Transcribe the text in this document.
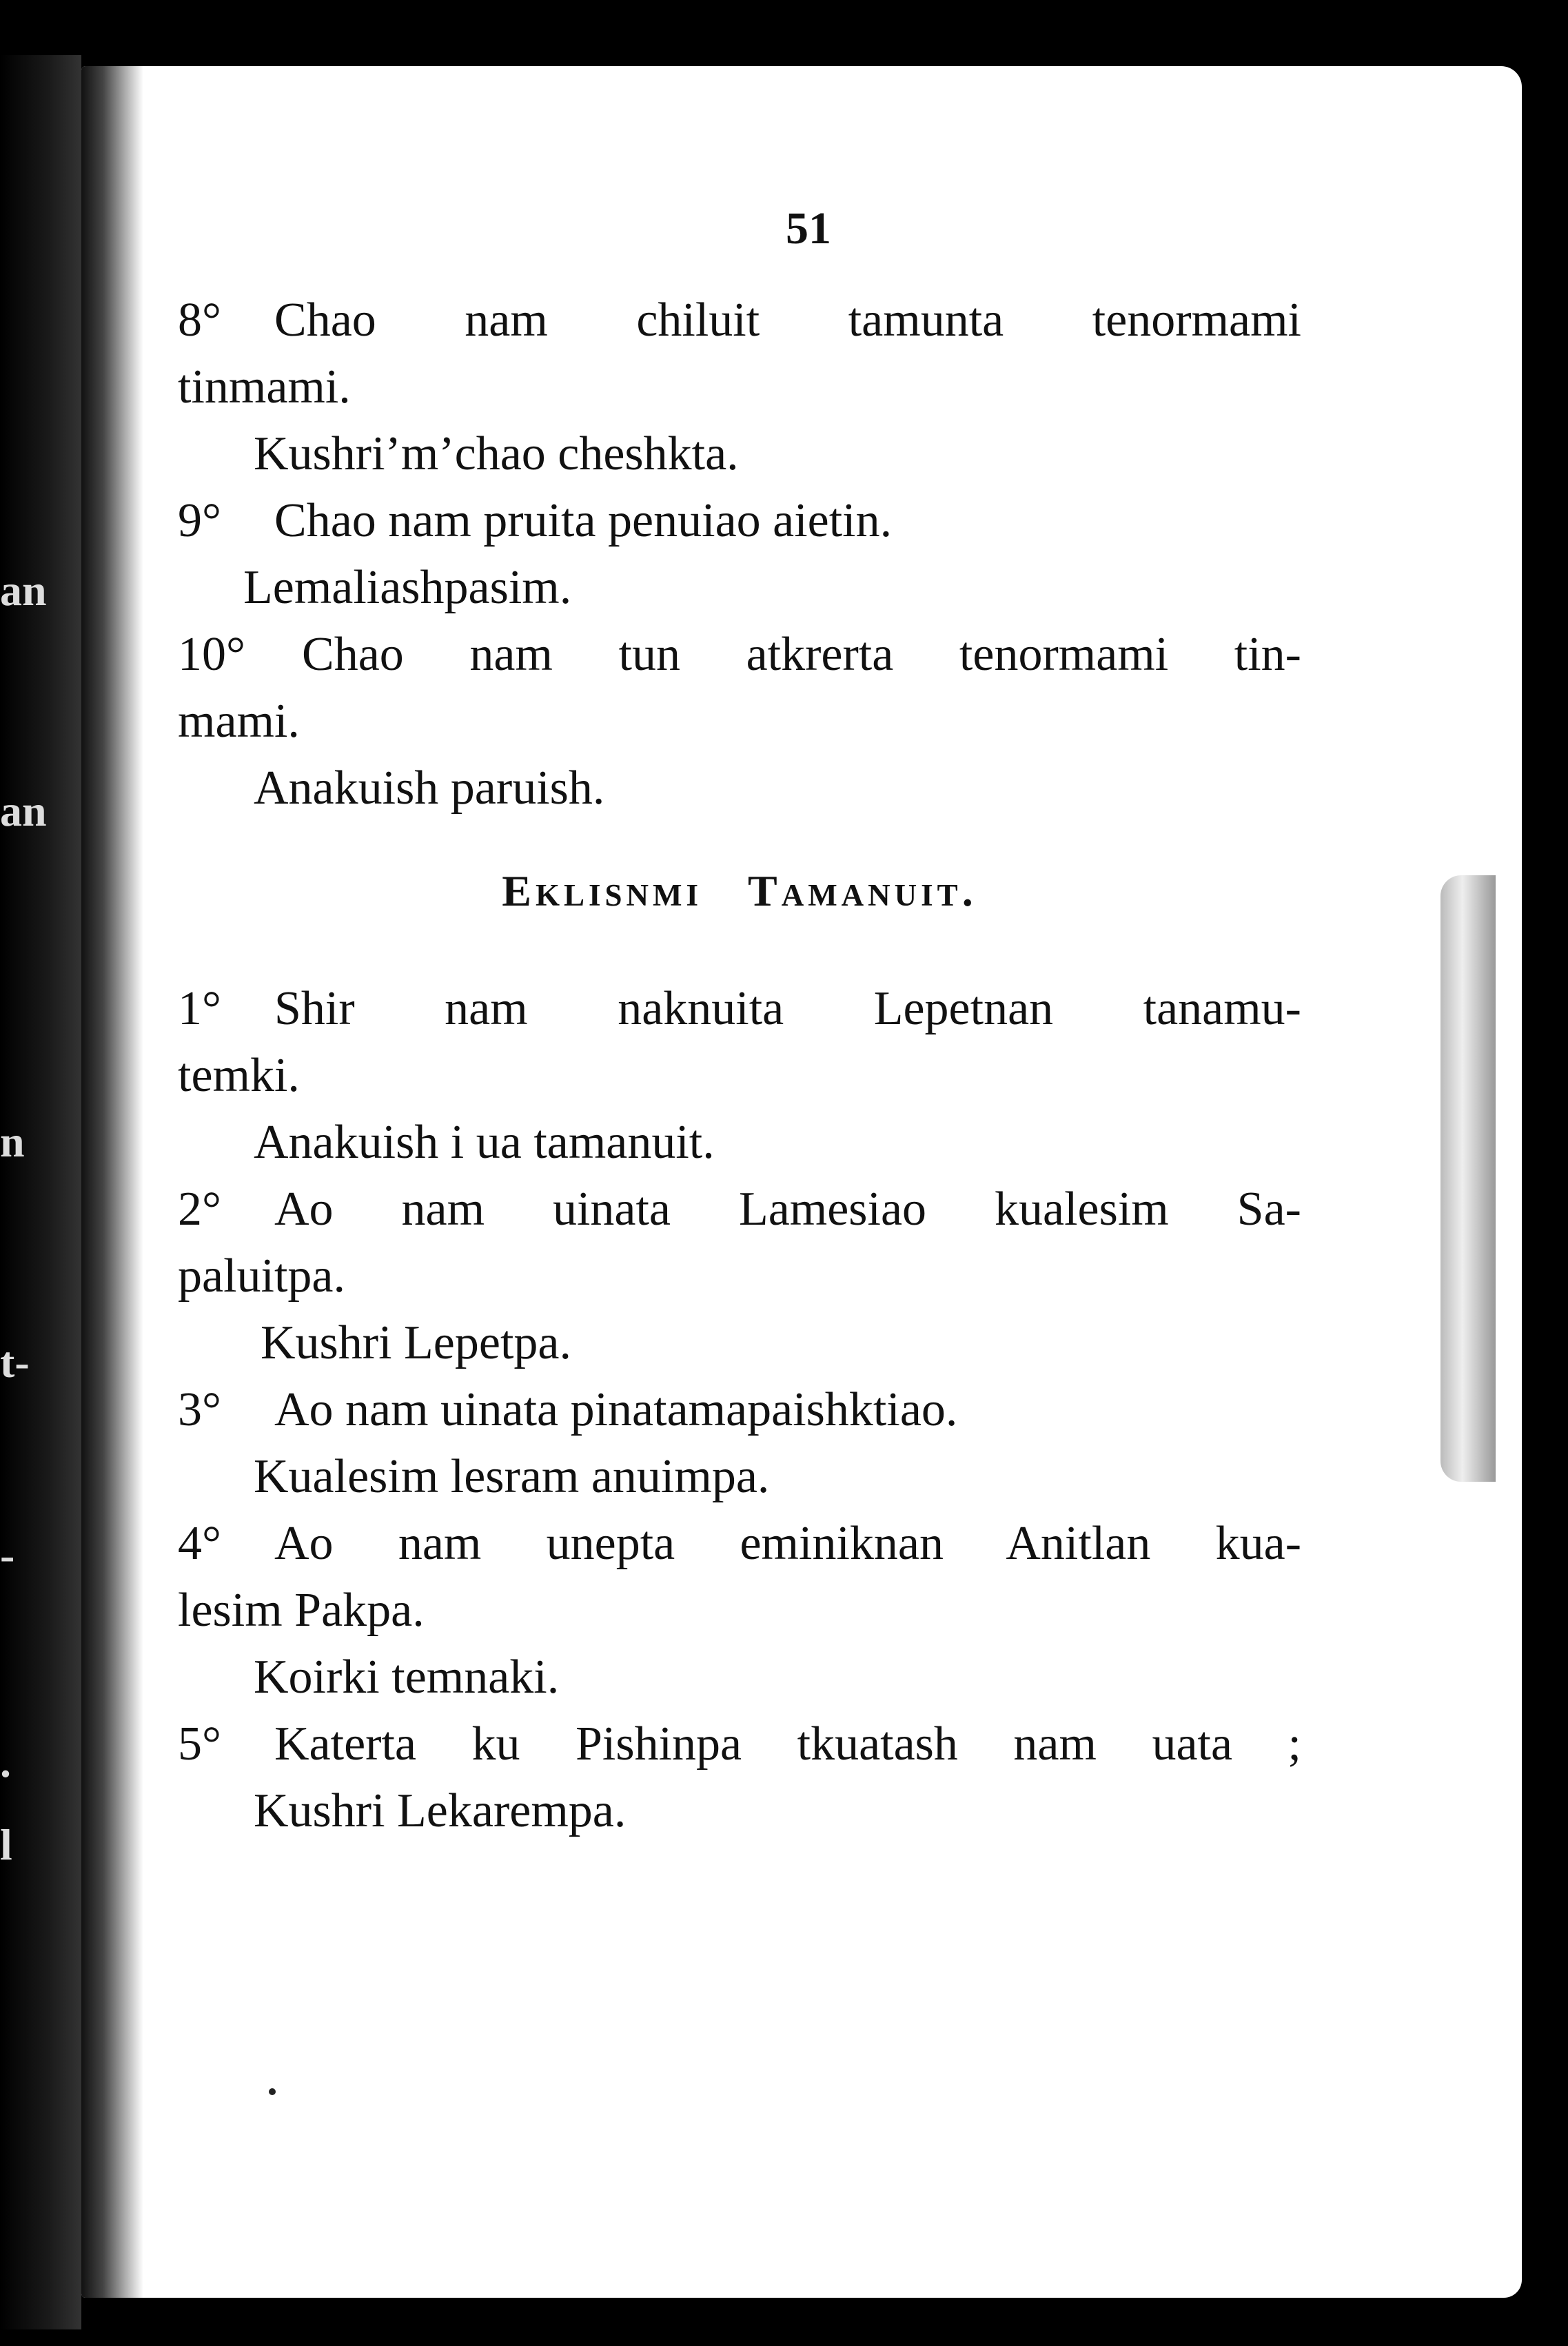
an
an
n
t-
-
.
l
51
8° Chao nam chiluit tamunta tenormami
tinmami.
Kushri’m’chao cheshkta.
9° Chao nam pruita penuiao aietin.
Lemaliashpasim.
10° Chao nam tun atkrerta tenormami tin-
mami.
Anakuish paruish.
Eklisnmi Tamanuit.
1° Shir nam naknuita Lepetnan tanamu-
temki.
Anakuish i ua tamanuit.
2° Ao nam uinata Lamesiao kualesim Sa-
paluitpa.
Kushri Lepetpa.
3° Ao nam uinata pinatamapaishktiao.
Kualesim lesram anuimpa.
4° Ao nam unepta eminiknan Anitlan kua-
lesim Pakpa.
Koirki temnaki.
5° Katerta ku Pishinpa tkuatash nam uata ;
Kushri Lekarempa.
